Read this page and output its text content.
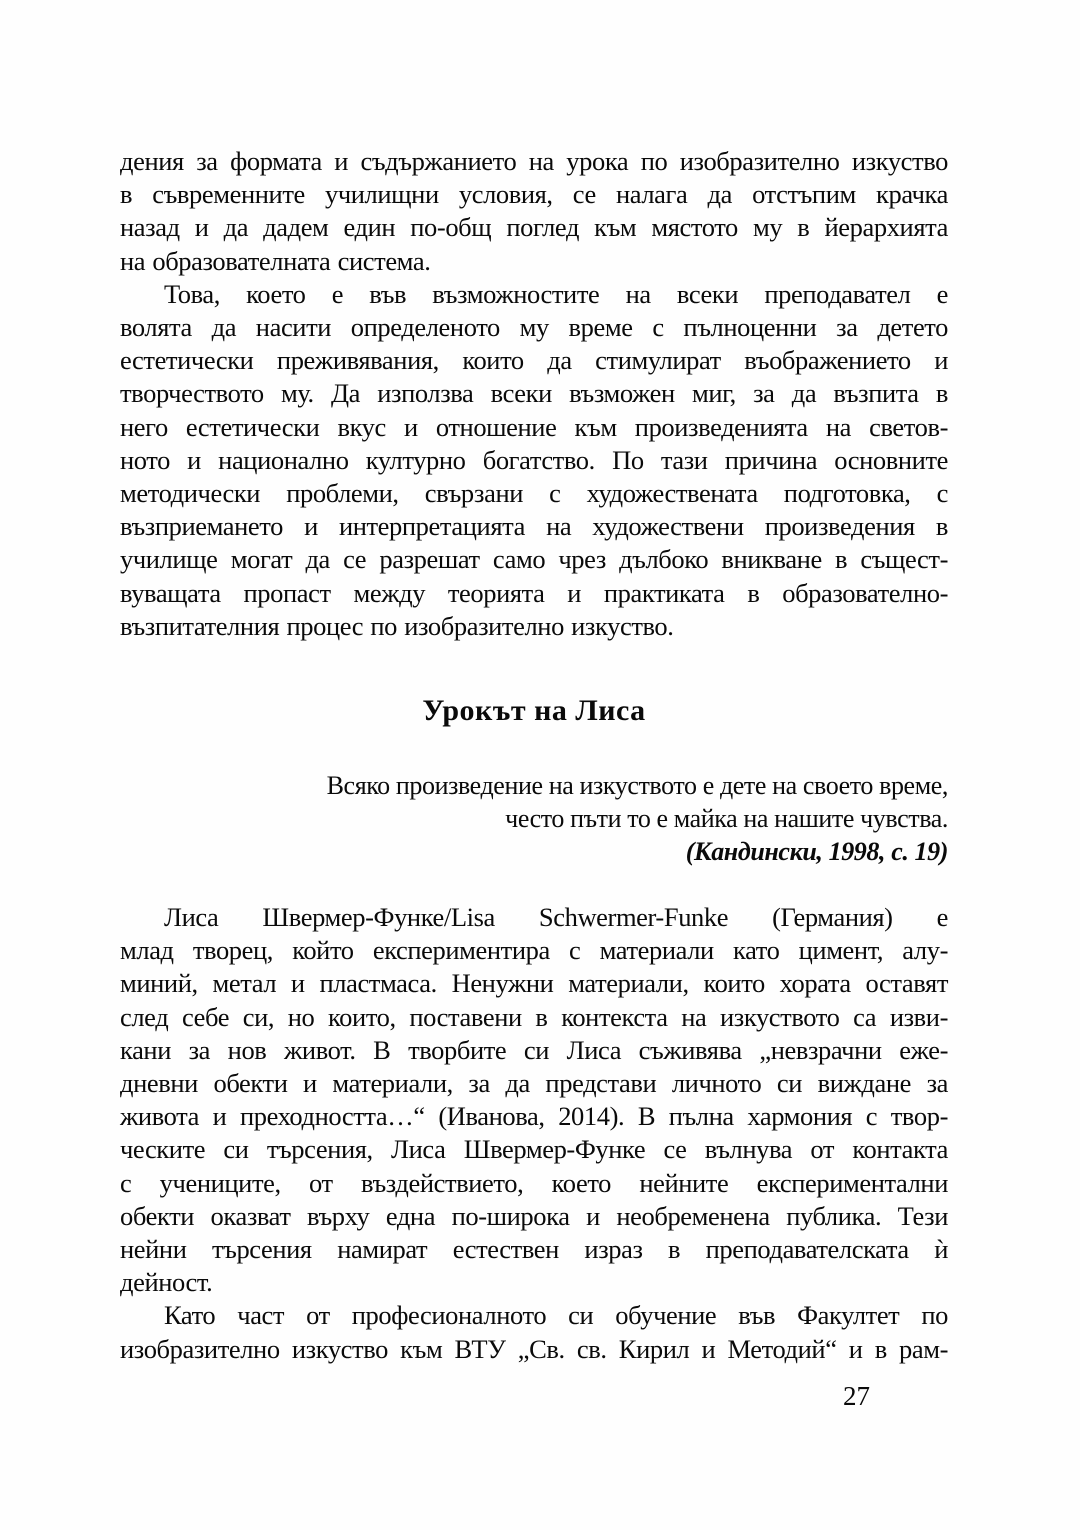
дения за формата и съдържанието на урока по изобразително изкуство
в съвременните училищни условия, се налага да отстъпим крачка
назад и да дадем един по-общ поглед към мястото му в йерархията
на образователната система.
Това, което е във възможностите на всеки преподавател е
волята да насити определеното му време с пълноценни за детето
естетически преживявания, които да стимулират въображението и
творчеството му. Да използва всеки възможен миг, за да възпита в
него естетически вкус и отношение към произведенията на светов-
ното и национално културно богатство. По тази причина основните
методически проблеми, свързани с художествената подготовка, с
възприемането и интерпретацията на художествени произведения в
училище могат да се разрешат само чрез дълбоко вникване в същест-
вуващата пропаст между теорията и практиката в образователно-
възпитателния процес по изобразително изкуство.
Урокът на Лиса
Всяко произведение на изкуството е дете на своето време,
често пъти то е майка на нашите чувства.
(Кандински, 1998, с. 19)
Лиса Швермер-Функе/Lisa Schwermer-Funke (Германия) е
млад творец, който експериментира с материали като цимент, алу-
миний, метал и пластмаса. Ненужни материали, които хората оставят
след себе си, но които, поставени в контекста на изкуството са изви-
кани за нов живот. В творбите си Лиса съживява „невзрачни еже-
дневни обекти и материали, за да представи личното си виждане за
живота и преходността…“ (Иванова, 2014). В пълна хармония с твор-
ческите си търсения, Лиса Швермер-Функе се вълнува от контакта
с учениците, от въздействието, което нейните експериментални
обекти оказват върху една по-широка и необременена публика. Тези
нейни търсения намират естествен израз в преподавателската ѝ
дейност.
Като част от професионалното си обучение във Факултет по
изобразително изкуство към ВТУ „Св. св. Кирил и Методий“ и в рам-
27
